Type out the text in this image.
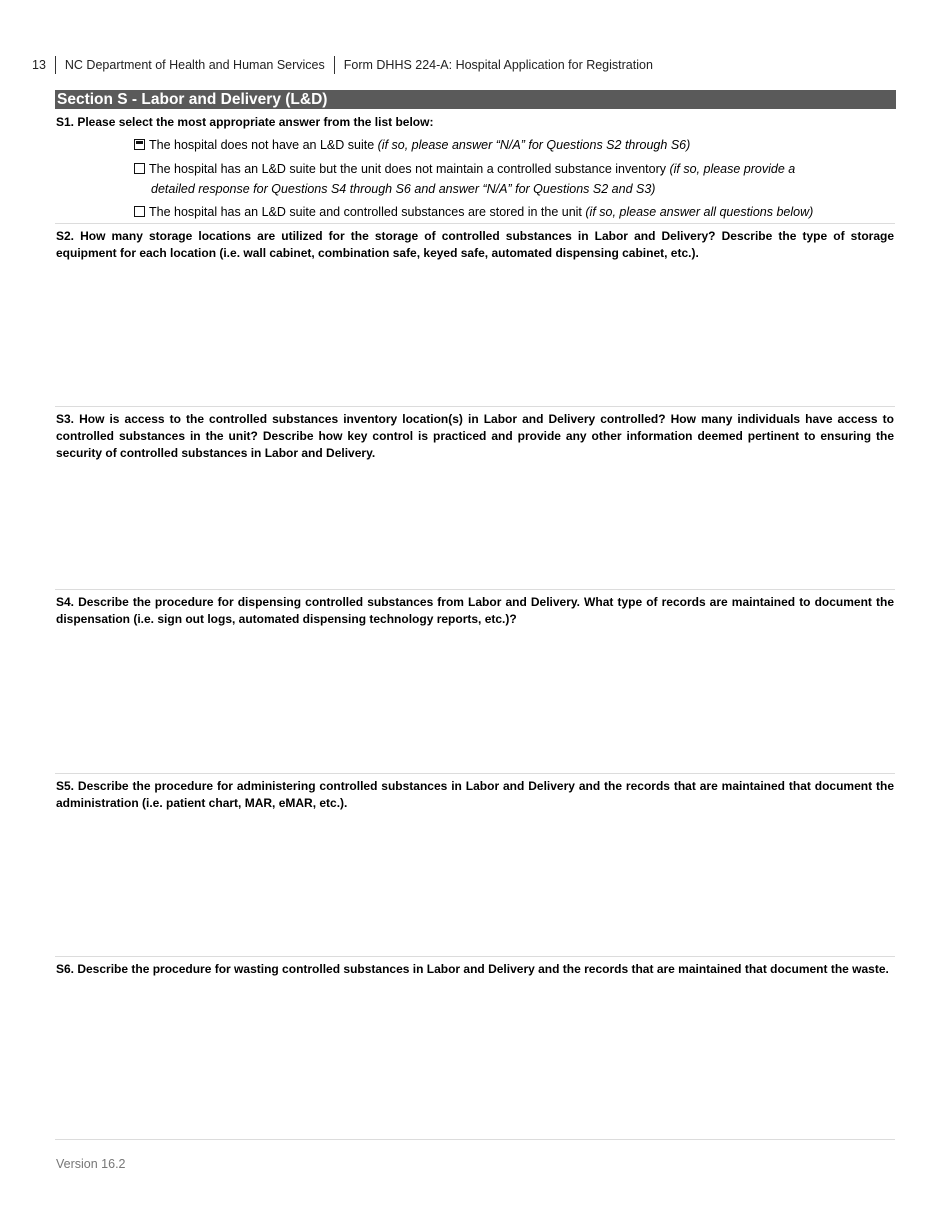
13 NC Department of Health and Human Services Form DHHS 224-A: Hospital Application for Registration
Section S - Labor and Delivery (L&D)
S1. Please select the most appropriate answer from the list below:
The hospital does not have an L&D suite (if so, please answer “N/A” for Questions S2 through S6)
The hospital has an L&D suite but the unit does not maintain a controlled substance inventory (if so, please provide a
detailed response for Questions S4 through S6 and answer “N/A” for Questions S2 and S3)
The hospital has an L&D suite and controlled substances are stored in the unit (if so, please answer all questions below)
S2. How many storage locations are utilized for the storage of controlled substances in Labor and Delivery? Describe the type of storage equipment for each location (i.e. wall cabinet, combination safe, keyed safe, automated dispensing cabinet, etc.).
S3. How is access to the controlled substances inventory location(s) in Labor and Delivery controlled? How many individuals have access to controlled substances in the unit? Describe how key control is practiced and provide any other information deemed pertinent to ensuring the security of controlled substances in Labor and Delivery.
S4. Describe the procedure for dispensing controlled substances from Labor and Delivery. What type of records are maintained to document the dispensation (i.e. sign out logs, automated dispensing technology reports, etc.)?
S5. Describe the procedure for administering controlled substances in Labor and Delivery and the records that are maintained that document the administration (i.e. patient chart, MAR, eMAR, etc.).
S6. Describe the procedure for wasting controlled substances in Labor and Delivery and the records that are maintained that document the waste.
Version 16.2
